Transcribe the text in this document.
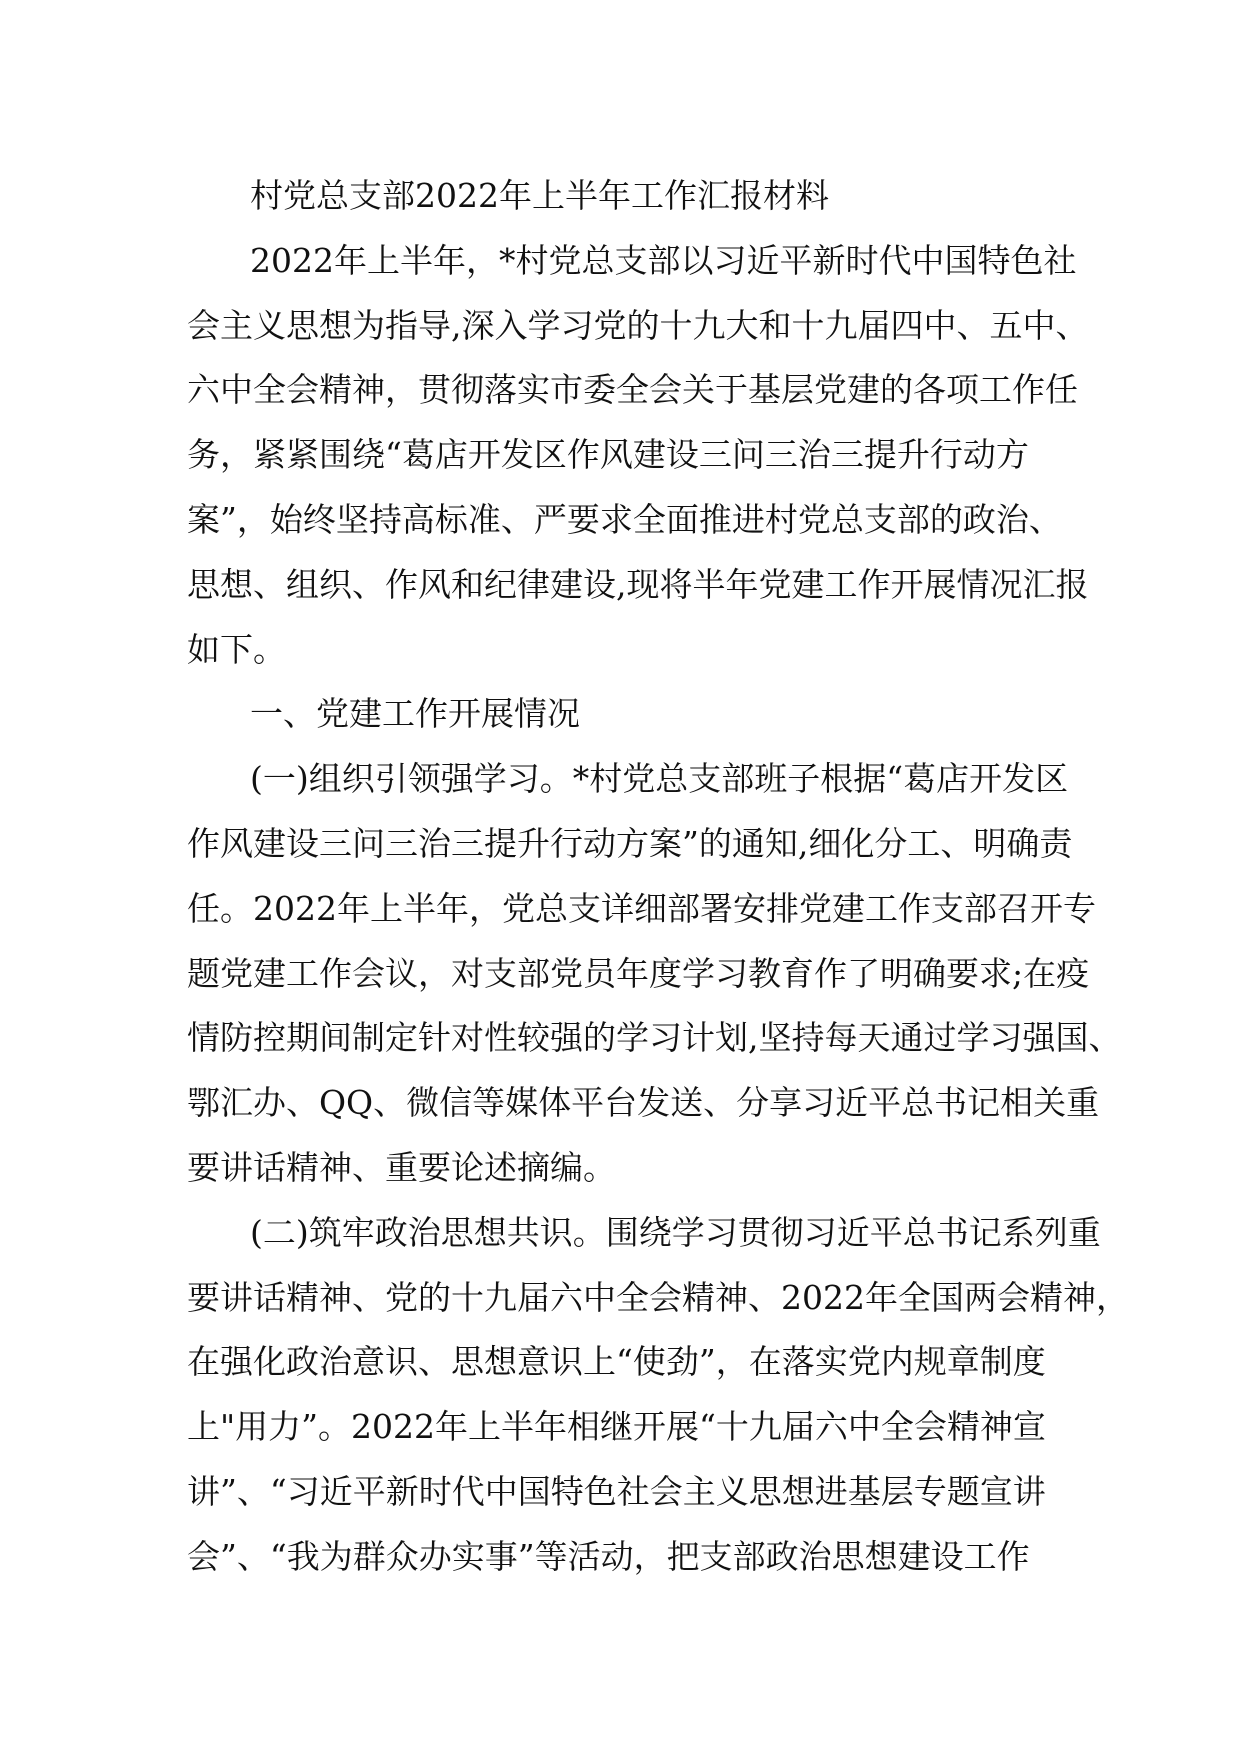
村党总支部2022年上半年工作汇报材料
2022年上半年，*村党总支部以习近平新时代中国特色社
会主义思想为指导,深入学习党的十九大和十九届四中、五中、
六中全会精神，贯彻落实市委全会关于基层党建的各项工作任
务，紧紧围绕“葛店开发区作风建设三问三治三提升行动方
案”，始终坚持高标准、严要求全面推进村党总支部的政治、
思想、组织、作风和纪律建设,现将半年党建工作开展情况汇报
如下。
一、党建工作开展情况
(一)组织引领强学习。*村党总支部班子根据“葛店开发区
作风建设三问三治三提升行动方案”的通知,细化分工、明确责
任。2022年上半年，党总支详细部署安排党建工作支部召开专
题党建工作会议，对支部党员年度学习教育作了明确要求;在疫
情防控期间制定针对性较强的学习计划,坚持每天通过学习强国、
鄂汇办、QQ、微信等媒体平台发送、分享习近平总书记相关重
要讲话精神、重要论述摘编。
(二)筑牢政治思想共识。围绕学习贯彻习近平总书记系列重
要讲话精神、党的十九届六中全会精神、2022年全国两会精神，
在强化政治意识、思想意识上“使劲”，在落实党内规章制度
上"用力”。2022年上半年相继开展“十九届六中全会精神宣
讲”、“习近平新时代中国特色社会主义思想进基层专题宣讲
会”、“我为群众办实事”等活动，把支部政治思想建设工作
